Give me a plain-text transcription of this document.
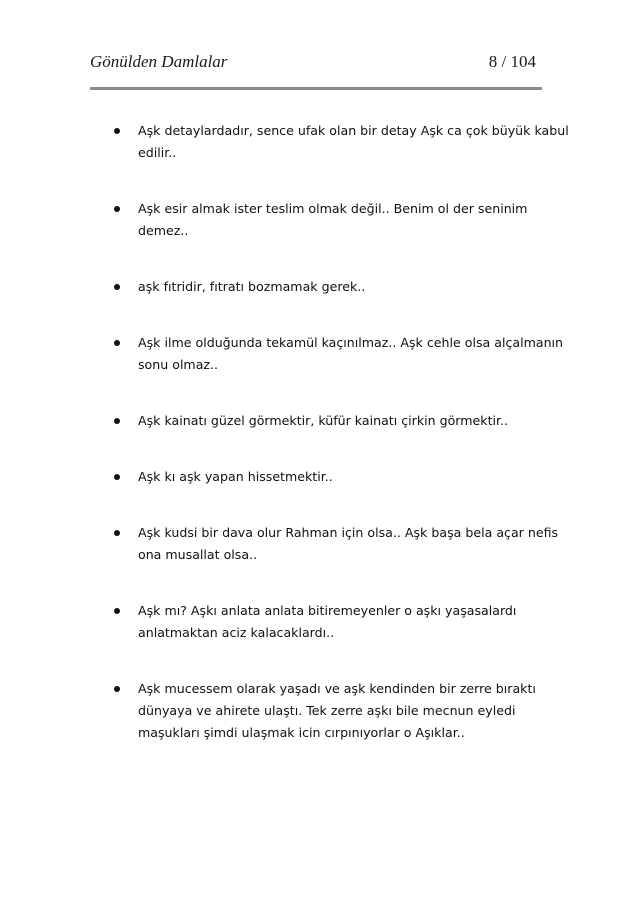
Gönülden Damlalar	8 / 104
Aşk detaylardadır, sence ufak olan bir detay Aşk ca çok büyük kabul edilir..
Aşk esir almak ister teslim olmak değil.. Benim ol der seninim demez..
aşk fıtridir, fıtratı bozmamak gerek..
Aşk ilme olduğunda tekamül kaçınılmaz.. Aşk cehle olsa alçalmanın sonu olmaz..
Aşk kainatı güzel görmektir, küfür kainatı çirkin görmektir..
Aşk kı aşk yapan hissetmektir..
Aşk kudsi bir dava olur Rahman için olsa.. Aşk başa bela açar nefis ona musallat olsa..
Aşk mı? Aşkı anlata anlata bitiremeyenler o aşkı yaşasalardı anlatmaktan aciz kalacaklardı..
Aşk mucessem olarak yaşadı ve aşk kendinden bir zerre bıraktı dünyaya ve ahirete ulaştı. Tek zerre aşkı bile mecnun eyledi maşukları şimdi ulaşmak icin cırpınıyorlar o Aşıklar..
